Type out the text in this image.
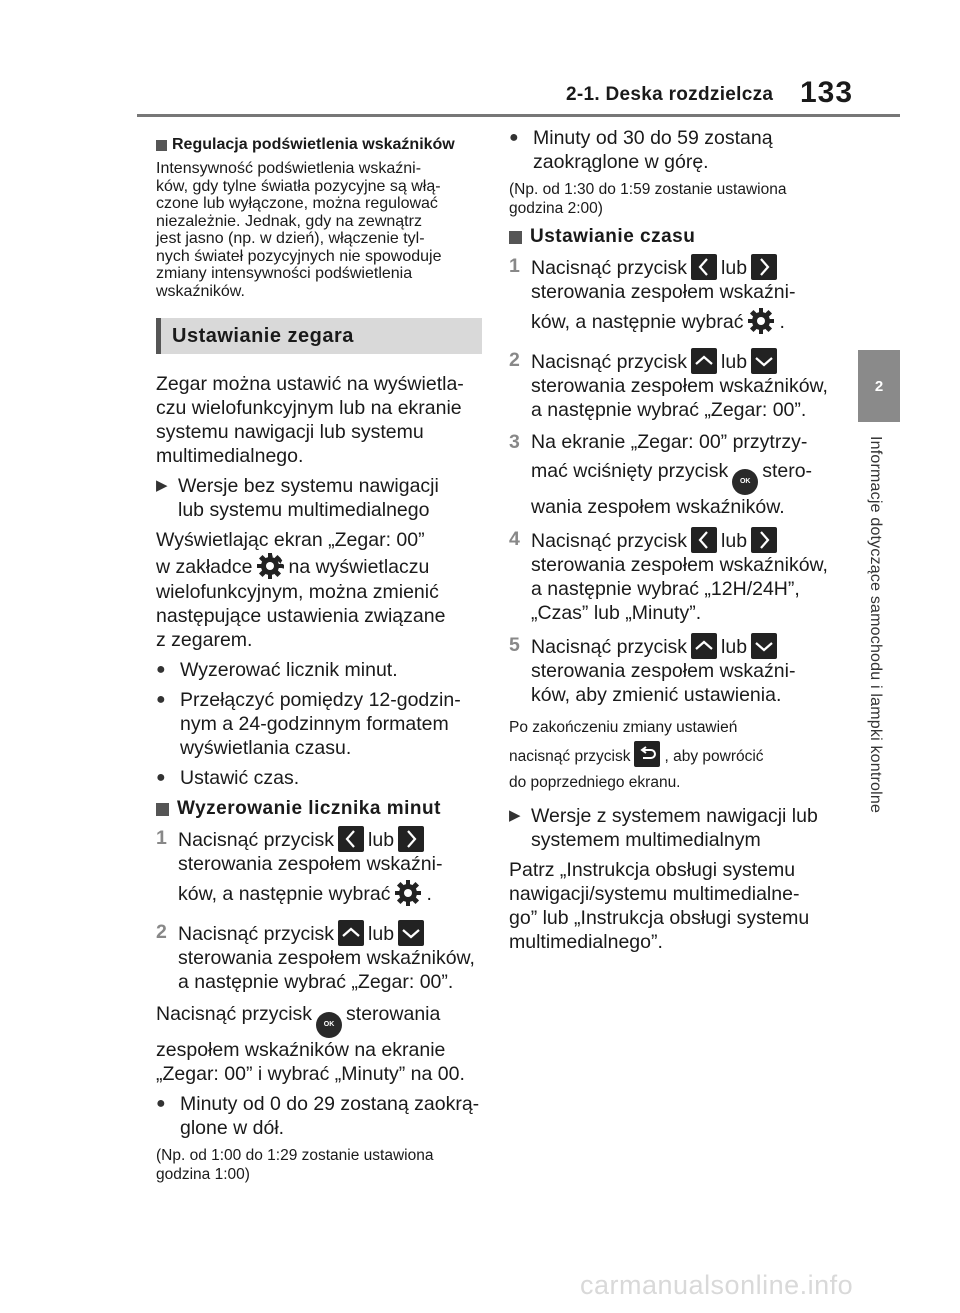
2-1. Deska rozdzielcza 133
2
Informacje dotyczące samochodu i lampki kontrolne
Regulacja podświetlenia wskaźników
Intensywność podświetlenia wskaźni-
ków, gdy tylne światła pozycyjne są włą-
czone lub wyłączone, można regulować
niezależnie. Jednak, gdy na zewnątrz
jest jasno (np. w dzień), włączenie tyl-
nych świateł pozycyjnych nie spowoduje
zmiany intensywności podświetlenia
wskaźników.
Ustawianie zegara

Zegar można ustawić na wyświetla-
czu wielofunkcyjnym lub na ekranie
systemu nawigacji lub systemu
multimedialnego.

▶ Wersje bez systemu nawigacji
lub systemu multimedialnego

Wyświetlając ekran „Zegar: 00”
w zakładce na wyświetlaczu
wielofunkcyjnym, można zmienić
następujące ustawienia związane
z zegarem.

● Wyzerować licznik minut.
● Przełączyć pomiędzy 12-godzin-
nym a 24-godzinnym formatem
wyświetlania czasu.
● Ustawić czas.
Wyzerowanie licznika minut
1 Nacisnąć przycisk lub

sterowania zespołem wskaźni-
ków, a następnie wybrać .
2 Nacisnąć przycisk lub

sterowania zespołem wskaźników,
a następnie wybrać „Zegar: 00”.

Nacisnąć przycisk OK sterowania
zespołem wskaźników na ekranie
„Zegar: 00” i wybrać „Minuty” na 00.

● Minuty od 0 do 29 zostaną zaokrą-
glone w dół.
(Np. od 1:00 do 1:29 zostanie ustawiona
godzina 1:00)
● Minuty od 30 do 59 zostaną
zaokrąglone w górę.
(Np. od 1:30 do 1:59 zostanie ustawiona
godzina 2:00)
Ustawianie czasu
1 Nacisnąć przycisk lub

sterowania zespołem wskaźni-
ków, a następnie wybrać .
2 Nacisnąć przycisk lub

sterowania zespołem wskaźników,
a następnie wybrać „Zegar: 00”.
3 Na ekranie „Zegar: 00” przytrzy-
mać wciśnięty przycisk OK stero-
wania zespołem wskaźników.
4 Nacisnąć przycisk lub

sterowania zespołem wskaźników,
a następnie wybrać „12H/24H”,
„Czas” lub „Minuty”.
5 Nacisnąć przycisk lub

sterowania zespołem wskaźni-
ków, aby zmienić ustawienia.
Po zakończeniu zmiany ustawień
nacisnąć przycisk , aby powrócić
do poprzedniego ekranu.
▶ Wersje z systemem nawigacji lub
systemem multimedialnym

Patrz „Instrukcja obsługi systemu
nawigacji/systemu multimedialne-
go” lub „Instrukcja obsługi systemu
multimedialnego”.

carmanualsonline.info
